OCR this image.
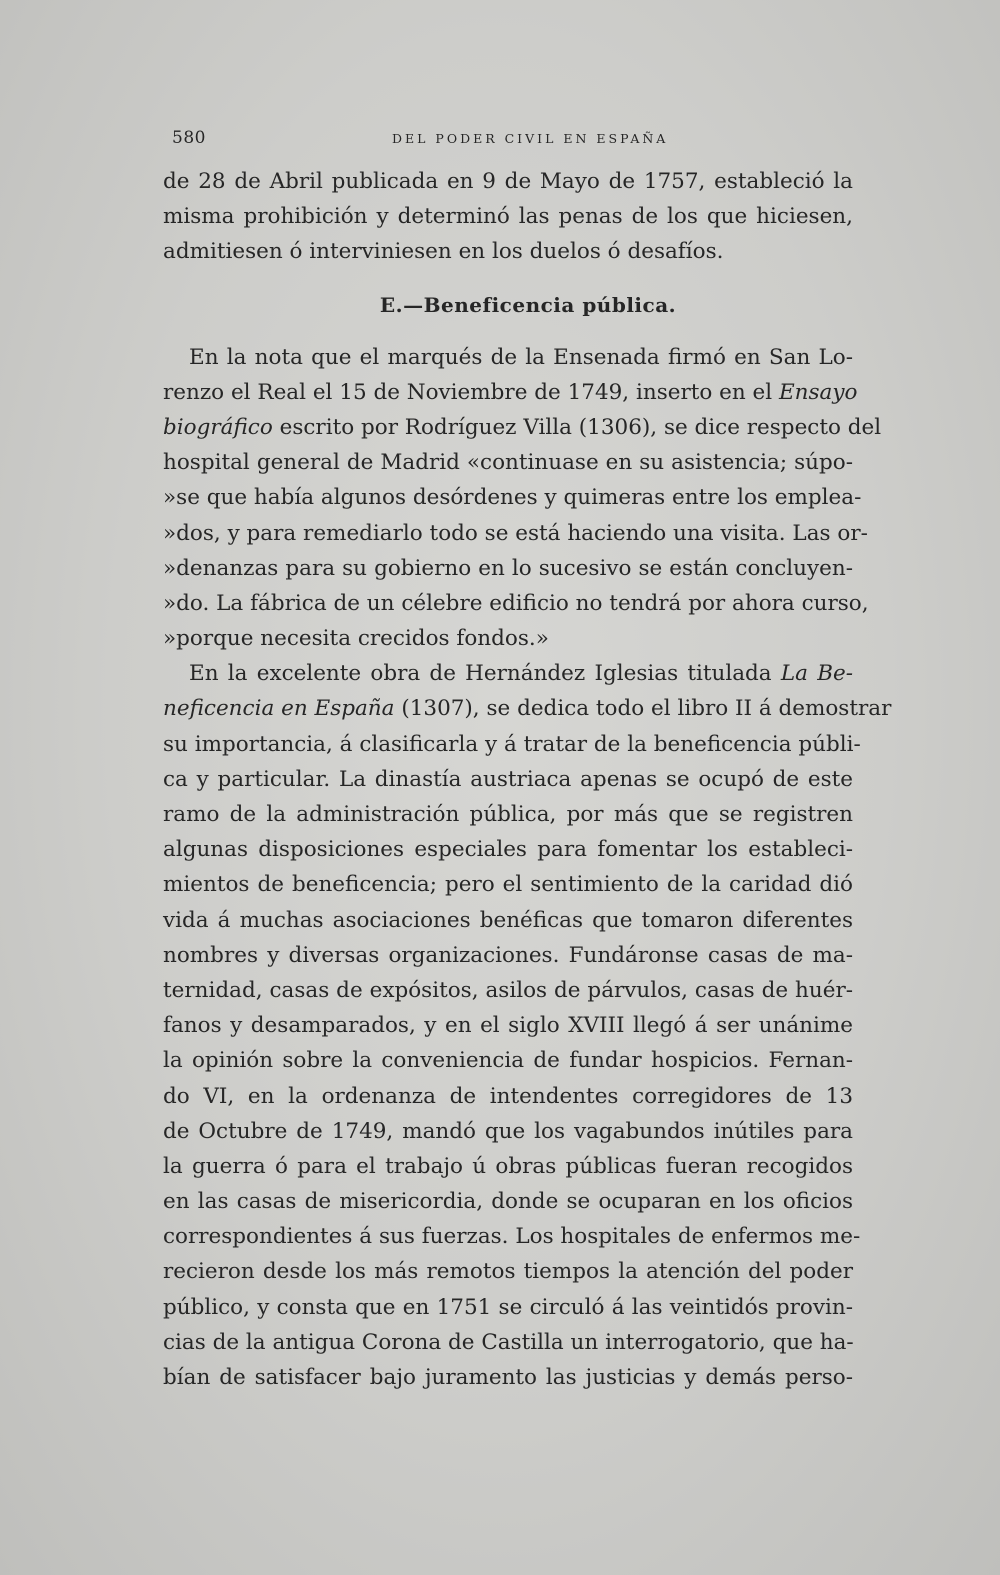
580	DEL PODER CIVIL EN ESPAÑA
de 28 de Abril publicada en 9 de Mayo de 1757, estableció la
misma prohibición y determinó las penas de los que hiciesen,
admitiesen ó interviniesen en los duelos ó desafíos.
E.—Beneficencia pública.
En la nota que el marqués de la Ensenada firmó en San Lo-
renzo el Real el 15 de Noviembre de 1749, inserto en el Ensayo
biográfico escrito por Rodríguez Villa (1306), se dice respecto del
hospital general de Madrid «continuase en su asistencia; súpo-
»se que había algunos desórdenes y quimeras entre los emplea-
»dos, y para remediarlo todo se está haciendo una visita. Las or-
»denanzas para su gobierno en lo sucesivo se están concluyen-
»do. La fábrica de un célebre edificio no tendrá por ahora curso,
»porque necesita crecidos fondos.»
En la excelente obra de Hernández Iglesias titulada La Be-
neficencia en España (1307), se dedica todo el libro II á demostrar
su importancia, á clasificarla y á tratar de la beneficencia públi-
ca y particular. La dinastía austriaca apenas se ocupó de este
ramo de la administración pública, por más que se registren
algunas disposiciones especiales para fomentar los estableci-
mientos de beneficencia; pero el sentimiento de la caridad dió
vida á muchas asociaciones benéficas que tomaron diferentes
nombres y diversas organizaciones. Fundáronse casas de ma-
ternidad, casas de expósitos, asilos de párvulos, casas de huér-
fanos y desamparados, y en el siglo XVIII llegó á ser unánime
la opinión sobre la conveniencia de fundar hospicios. Fernan-
do VI, en la ordenanza de intendentes corregidores de 13
de Octubre de 1749, mandó que los vagabundos inútiles para
la guerra ó para el trabajo ú obras públicas fueran recogidos
en las casas de misericordia, donde se ocuparan en los oficios
correspondientes á sus fuerzas. Los hospitales de enfermos me-
recieron desde los más remotos tiempos la atención del poder
público, y consta que en 1751 se circuló á las veintidós provin-
cias de la antigua Corona de Castilla un interrogatorio, que ha-
bían de satisfacer bajo juramento las justicias y demás perso-
